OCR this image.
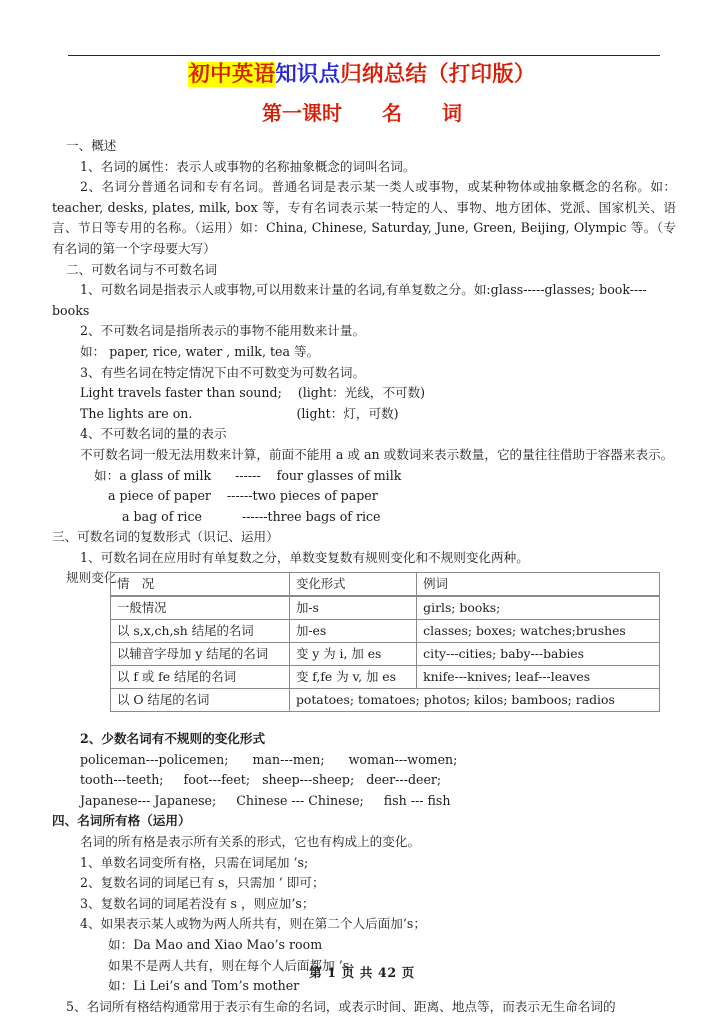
初中英语知识点归纳总结（打印版）
第一课时　　名　　词
一、概述
1、名词的属性：表示人或事物的名称抽象概念的词叫名词。
2、名词分普通名词和专有名词。普通名词是表示某一类人或事物，或某种物体或抽象概念的名称。如：teacher, desks, plates, milk, box 等，专有名词表示某一特定的人、事物、地方团体、党派、国家机关、语言、节日等专用的名称。（运用）如：China, Chinese, Saturday, June, Green, Beijing, Olympic 等。（专有名词的第一个字母要大写）
二、可数名词与不可数名词
1、可数名词是指表示人或事物,可以用数来计量的名词,有单复数之分。如:glass-----glasses; book----books
2、不可数名词是指所表示的事物不能用数来计量。
如： paper, rice, water , milk, tea 等。
3、有些名词在特定情况下由不可数变为可数名词。
Light travels faster than sound;    (light：光线，不可数)
The lights are on.                          (light：灯，可数)
4、不可数名词的量的表示
不可数名词一般无法用数来计算，前面不能用 a 或 an 或数词来表示数量，它的量往往借助于容器来表示。
如：a glass of milk      ------    four glasses of milk
a piece of paper    ------two pieces of paper
a bag of rice          ------three bags of rice
三、可数名词的复数形式（识记、运用）
1、可数名词在应用时有单复数之分，单数变复数有规则变化和不规则变化两种。
规则变化
2、少数名词有不规则的变化形式
policeman---policemen;      man---men;      woman---women;
tooth---teeth;     foot---feet;   sheep---sheep;   deer---deer;
Japanese--- Japanese;     Chinese --- Chinese;     fish --- fish
四、名词所有格（运用）
名词的所有格是表示所有关系的形式，它也有构成上的变化。
1、单数名词变所有格，只需在词尾加 ’s;
2、复数名词的词尾已有 s，只需加 ’ 即可；
3、复数名词的词尾若没有 s ，则应加’s；
4、如果表示某人或物为两人所共有，则在第二个人后面加’s；
如：Da Mao and Xiao Mao’s room
如果不是两人共有，则在每个人后面都加 ’s;
如：Li Lei’s and Tom’s mother
5、名词所有格结构通常用于表示有生命的名词，或表示时间、距离、地点等，而表示无生命名词的
情　况	变化形式	例词
一般情况	加-s	girls; books;
以 s,x,ch,sh 结尾的名词	加-es	classes; boxes; watches;brushes
以辅音字母加 y 结尾的名词	变 y 为 i, 加 es	city---cities; baby---babies
以 f 或 fe 结尾的名词	变 f,fe 为 v, 加 es	knife---knives; leaf---leaves
以 O 结尾的名词	potatoes; tomatoes; photos; kilos; bamboos; radios	
第 1 页 共 42 页
